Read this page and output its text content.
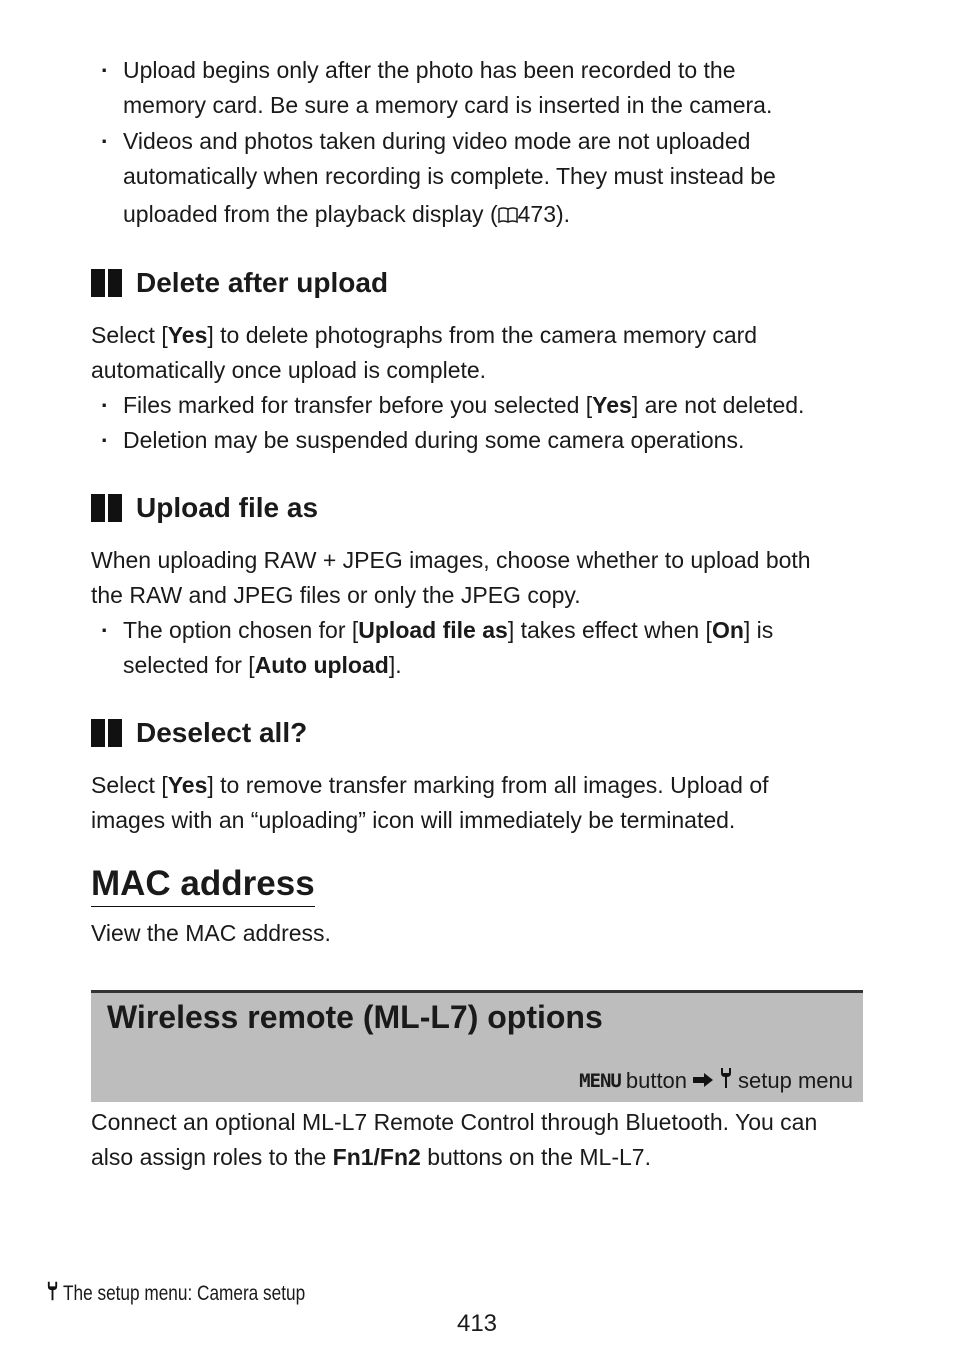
· Upload begins only after the photo has been recorded to the
memory card. Be sure a memory card is inserted in the camera.
· Videos and photos taken during video mode are not uploaded
automatically when recording is complete. They must instead be
uploaded from the playback display ( 473).
Delete after upload
Select [Yes] to delete photographs from the camera memory card
automatically once upload is complete.
· Files marked for transfer before you selected [Yes] are not deleted.
· Deletion may be suspended during some camera operations.
Upload file as
When uploading RAW + JPEG images, choose whether to upload both
the RAW and JPEG files or only the JPEG copy.
· The option chosen for [Upload file as] takes effect when [On] is
selected for [Auto upload].
Deselect all?
Select [Yes] to remove transfer marking from all images. Upload of
images with an “uploading” icon will immediately be terminated.
MAC address
View the MAC address.
Wireless remote (ML-L7) options
MENU button setup menu
Connect an optional ML-L7 Remote Control through Bluetooth. You can
also assign roles to the Fn1/Fn2 buttons on the ML-L7.
The setup menu: Camera setup
413
